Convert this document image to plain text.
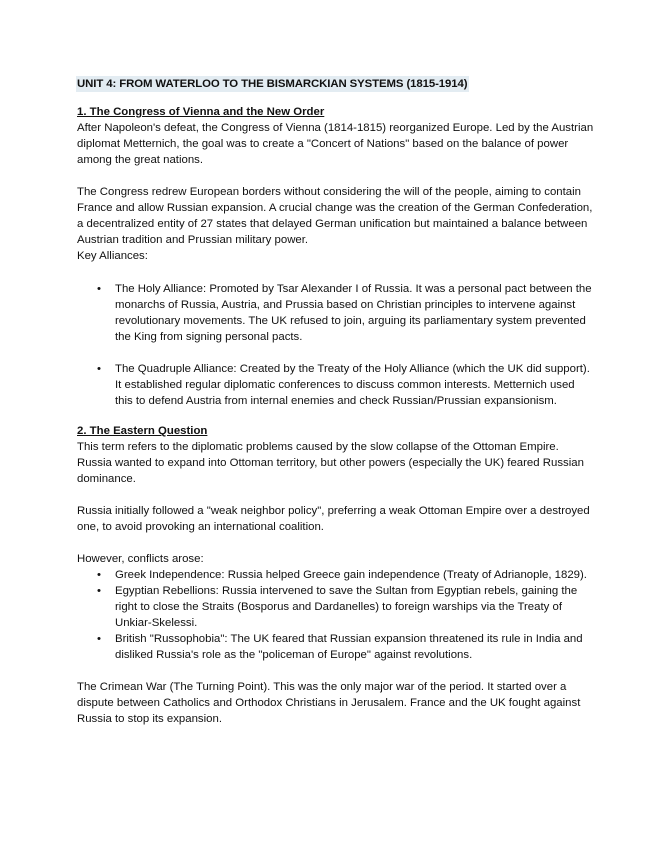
UNIT 4: FROM WATERLOO TO THE BISMARCKIAN SYSTEMS (1815-1914)

1. The Congress of Vienna and the New Order

After Napoleon's defeat, the Congress of Vienna (1814-1815) reorganized Europe. Led by the Austrian diplomat Metternich, the goal was to create a "Concert of Nations" based on the balance of power among the great nations.

The Congress redrew European borders without considering the will of the people, aiming to contain France and allow Russian expansion. A crucial change was the creation of the German Confederation, a decentralized entity of 27 states that delayed German unification but maintained a balance between Austrian tradition and Prussian military power.

Key Alliances:

• The Holy Alliance: Promoted by Tsar Alexander I of Russia. It was a personal pact between the monarchs of Russia, Austria, and Prussia based on Christian principles to intervene against revolutionary movements. The UK refused to join, arguing its parliamentary system prevented the King from signing personal pacts.
• The Quadruple Alliance: Created by the Treaty of the Holy Alliance (which the UK did support). It established regular diplomatic conferences to discuss common interests. Metternich used this to defend Austria from internal enemies and check Russian/Prussian expansionism.

2. The Eastern Question

This term refers to the diplomatic problems caused by the slow collapse of the Ottoman Empire. Russia wanted to expand into Ottoman territory, but other powers (especially the UK) feared Russian dominance.

Russia initially followed a "weak neighbor policy", preferring a weak Ottoman Empire over a destroyed one, to avoid provoking an international coalition.

However, conflicts arose:

• Greek Independence: Russia helped Greece gain independence (Treaty of Adrianople, 1829).
• Egyptian Rebellions: Russia intervened to save the Sultan from Egyptian rebels, gaining the right to close the Straits (Bosporus and Dardanelles) to foreign warships via the Treaty of Unkiar-Skelessi.
• British "Russophobia": The UK feared that Russian expansion threatened its rule in India and disliked Russia's role as the "policeman of Europe" against revolutions.

The Crimean War (The Turning Point). This was the only major war of the period. It started over a dispute between Catholics and Orthodox Christians in Jerusalem. France and the UK fought against Russia to stop its expansion.
